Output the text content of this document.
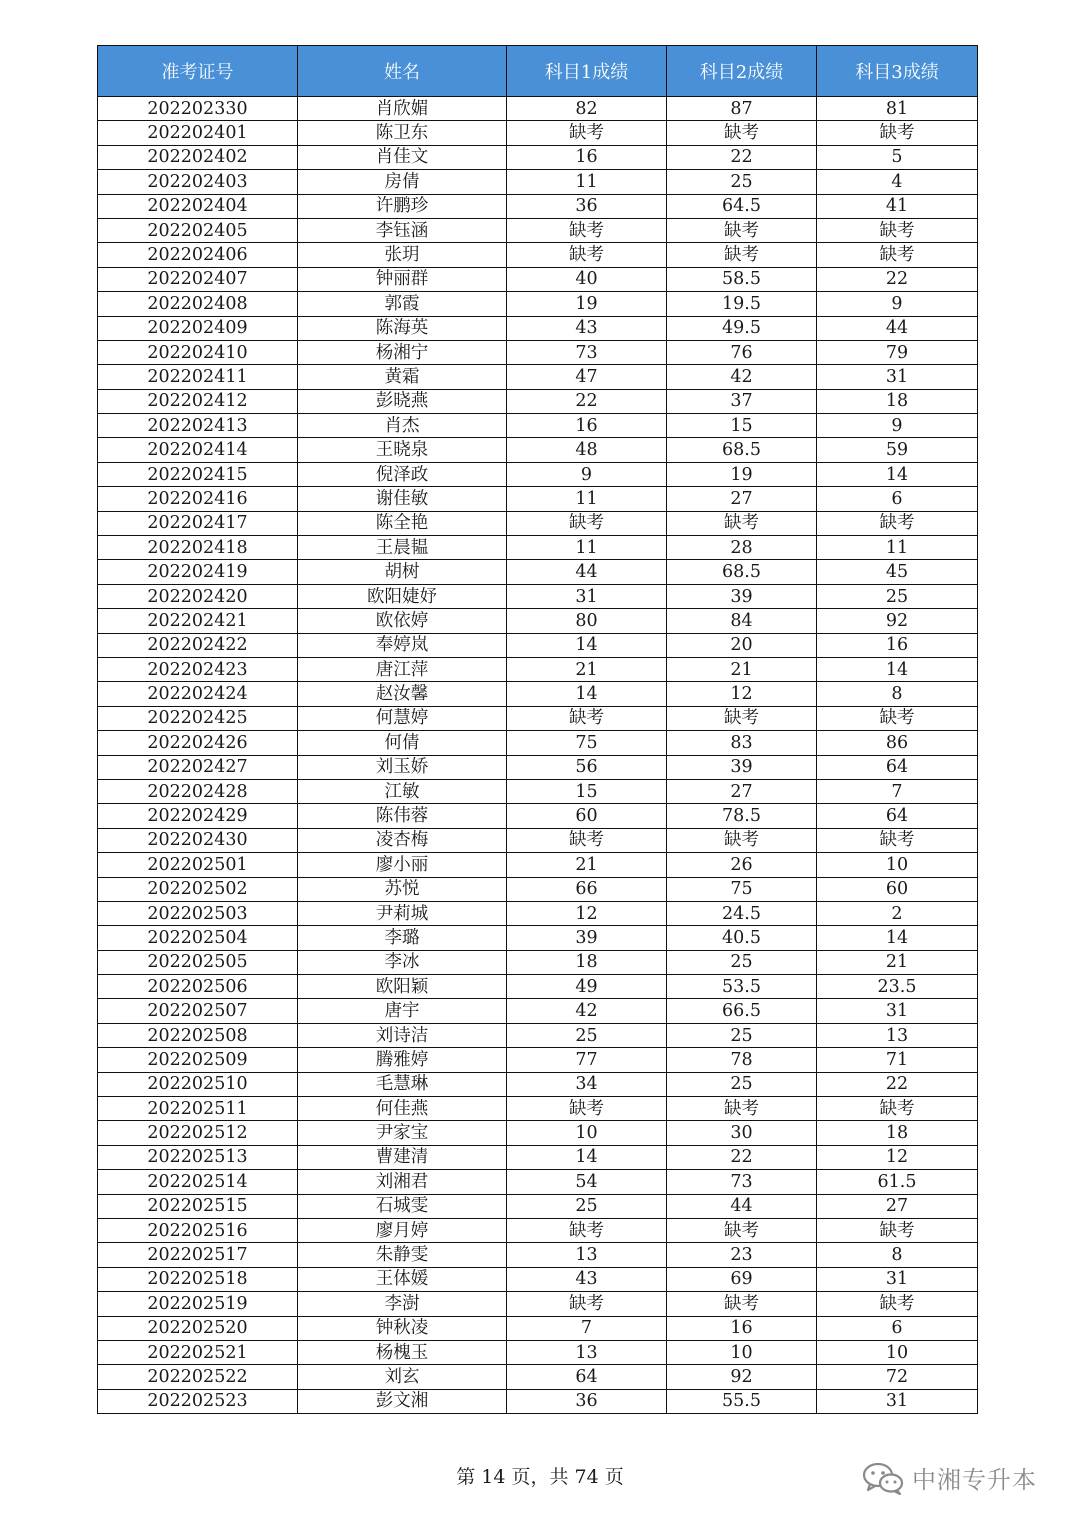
准考证号	姓名	科目1成绩	科目2成绩	科目3成绩
202202330	肖欣媚	82	87	81
202202401	陈卫东	缺考	缺考	缺考
202202402	肖佳文	16	22	5
202202403	房倩	11	25	4
202202404	许鹏珍	36	64.5	41
202202405	李钰涵	缺考	缺考	缺考
202202406	张玥	缺考	缺考	缺考
202202407	钟丽群	40	58.5	22
202202408	郭霞	19	19.5	9
202202409	陈海英	43	49.5	44
202202410	杨湘宁	73	76	79
202202411	黄霜	47	42	31
202202412	彭晓燕	22	37	18
202202413	肖杰	16	15	9
202202414	王晓泉	48	68.5	59
202202415	倪泽政	9	19	14
202202416	谢佳敏	11	27	6
202202417	陈全艳	缺考	缺考	缺考
202202418	王晨韫	11	28	11
202202419	胡树	44	68.5	45
202202420	欧阳婕妤	31	39	25
202202421	欧依婷	80	84	92
202202422	奉婷岚	14	20	16
202202423	唐江萍	21	21	14
202202424	赵汝馨	14	12	8
202202425	何慧婷	缺考	缺考	缺考
202202426	何倩	75	83	86
202202427	刘玉娇	56	39	64
202202428	江敏	15	27	7
202202429	陈伟蓉	60	78.5	64
202202430	凌杏梅	缺考	缺考	缺考
202202501	廖小丽	21	26	10
202202502	苏悦	66	75	60
202202503	尹莉城	12	24.5	2
202202504	李璐	39	40.5	14
202202505	李冰	18	25	21
202202506	欧阳颖	49	53.5	23.5
202202507	唐宇	42	66.5	31
202202508	刘诗洁	25	25	13
202202509	腾雅婷	77	78	71
202202510	毛慧琳	34	25	22
202202511	何佳燕	缺考	缺考	缺考
202202512	尹家宝	10	30	18
202202513	曹建清	14	22	12
202202514	刘湘君	54	73	61.5
202202515	石城雯	25	44	27
202202516	廖月婷	缺考	缺考	缺考
202202517	朱静雯	13	23	8
202202518	王体媛	43	69	31
202202519	李澍	缺考	缺考	缺考
202202520	钟秋凌	7	16	6
202202521	杨槐玉	13	10	10
202202522	刘玄	64	92	72
202202523	彭文湘	36	55.5	31
第 14 页，共 74 页	中湘专升本
